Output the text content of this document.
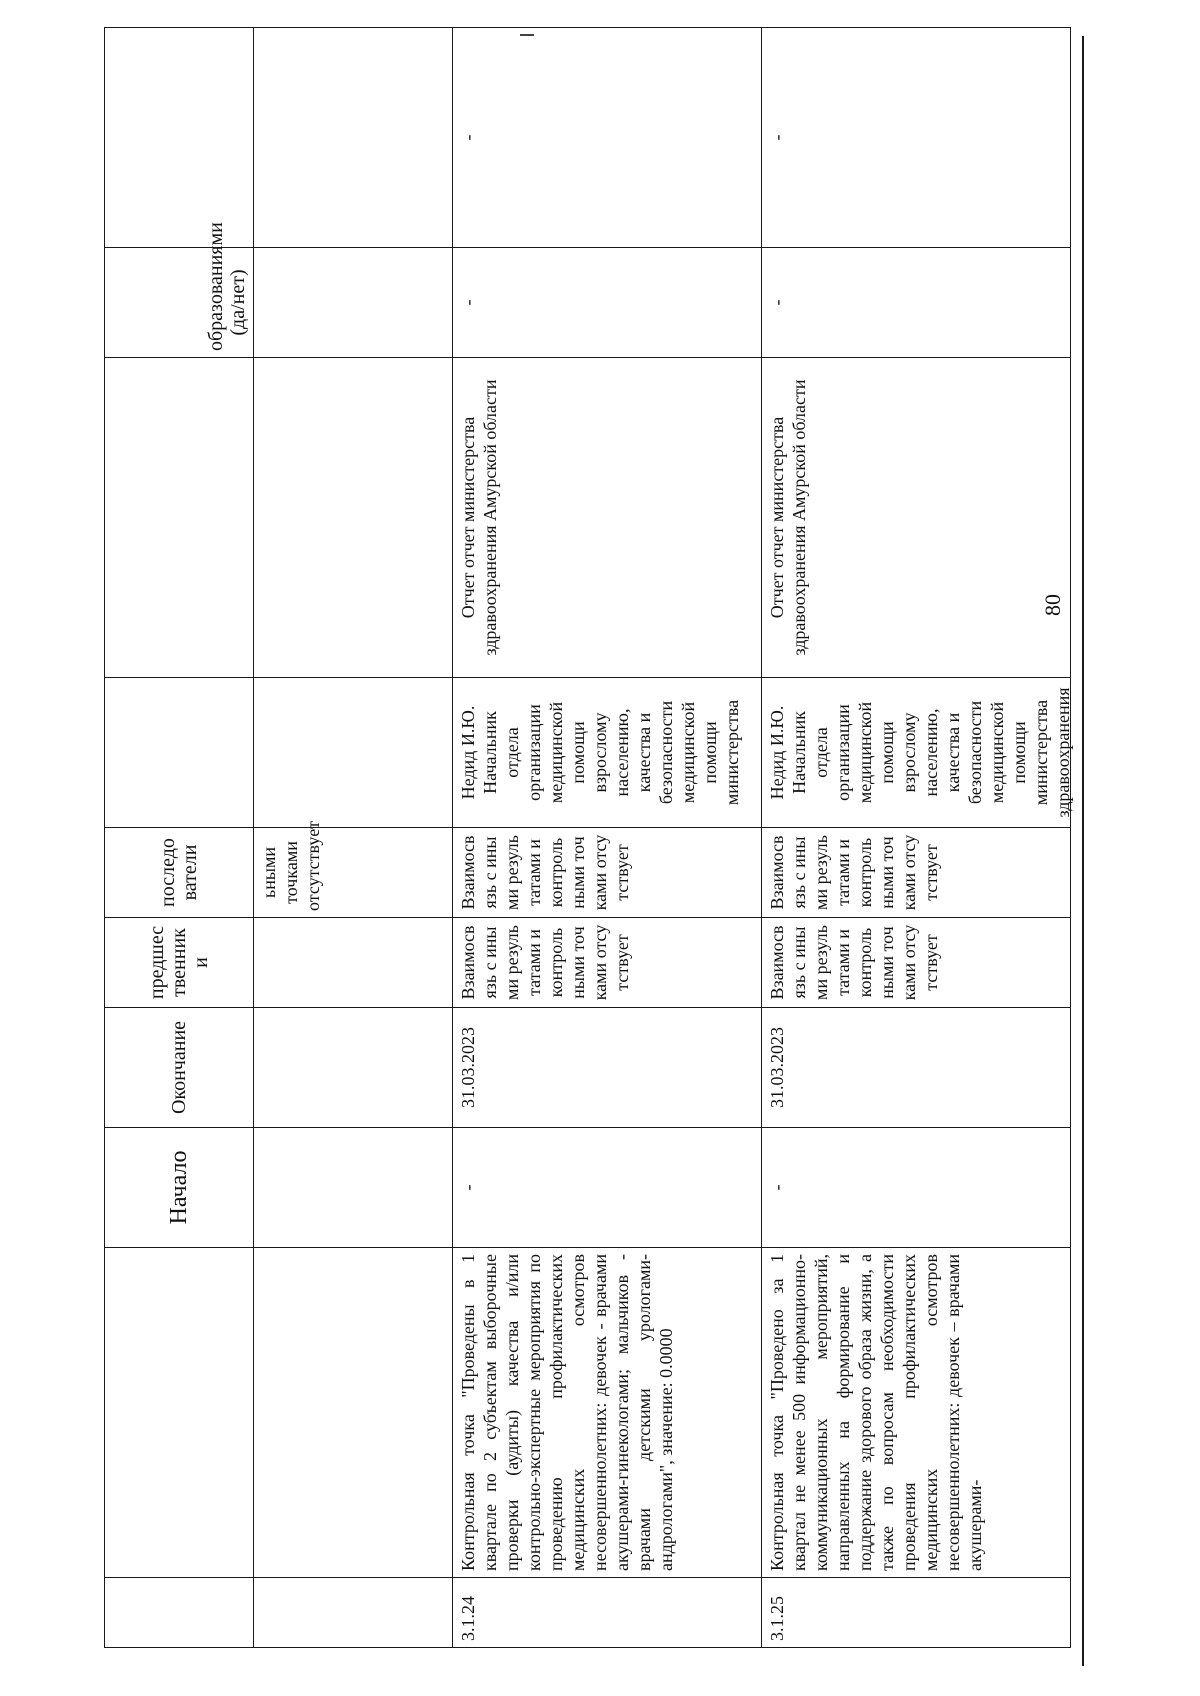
		Начало	Окончание	предшественники	последователи			образованиями (да/нет)	
					ьными точками отсутствует				
3.1.24	Контрольная точка "Проведены в 1 квартале по 2 субъектам выборочные проверки (аудиты) качества и/или контрольно-экспертные мероприятия по проведению профилактических медицинских осмотров несовершеннолетних: девочек - врачами акушерами-гинекологами; мальчиков - врачами детскими урологами-андрологами", значение: 0.0000	-	31.03.2023	Взаимосвязь с иными результатами и контрольными точками отсутствует	Взаимосвязь с иными результатами и контрольными точками отсутствует	Недид И.Ю. Начальник отдела организации медицинской помощи взрослому населению, качества и безопасности медицинской помощи министерства	Отчет отчет министерства здравоохранения Амурской области	-	-
3.1.25	Контрольная точка "Проведено за 1 квартал не менее 500 информационно-коммуникационных мероприятий, направленных на формирование и поддержание здорового образа жизни, а также по вопросам необходимости проведения профилактических медицинских осмотров несовершеннолетних: девочек – врачами акушерами-	-	31.03.2023	Взаимосвязь с иными результатами и контрольными точками отсутствует	Взаимосвязь с иными результатами и контрольными точками отсутствует	Недид И.Ю. Начальник отдела организации медицинской помощи взрослому населению, качества и безопасности медицинской помощи министерства здравоохранения	Отчет отчет министерства здравоохранения Амурской области	-	-
80
